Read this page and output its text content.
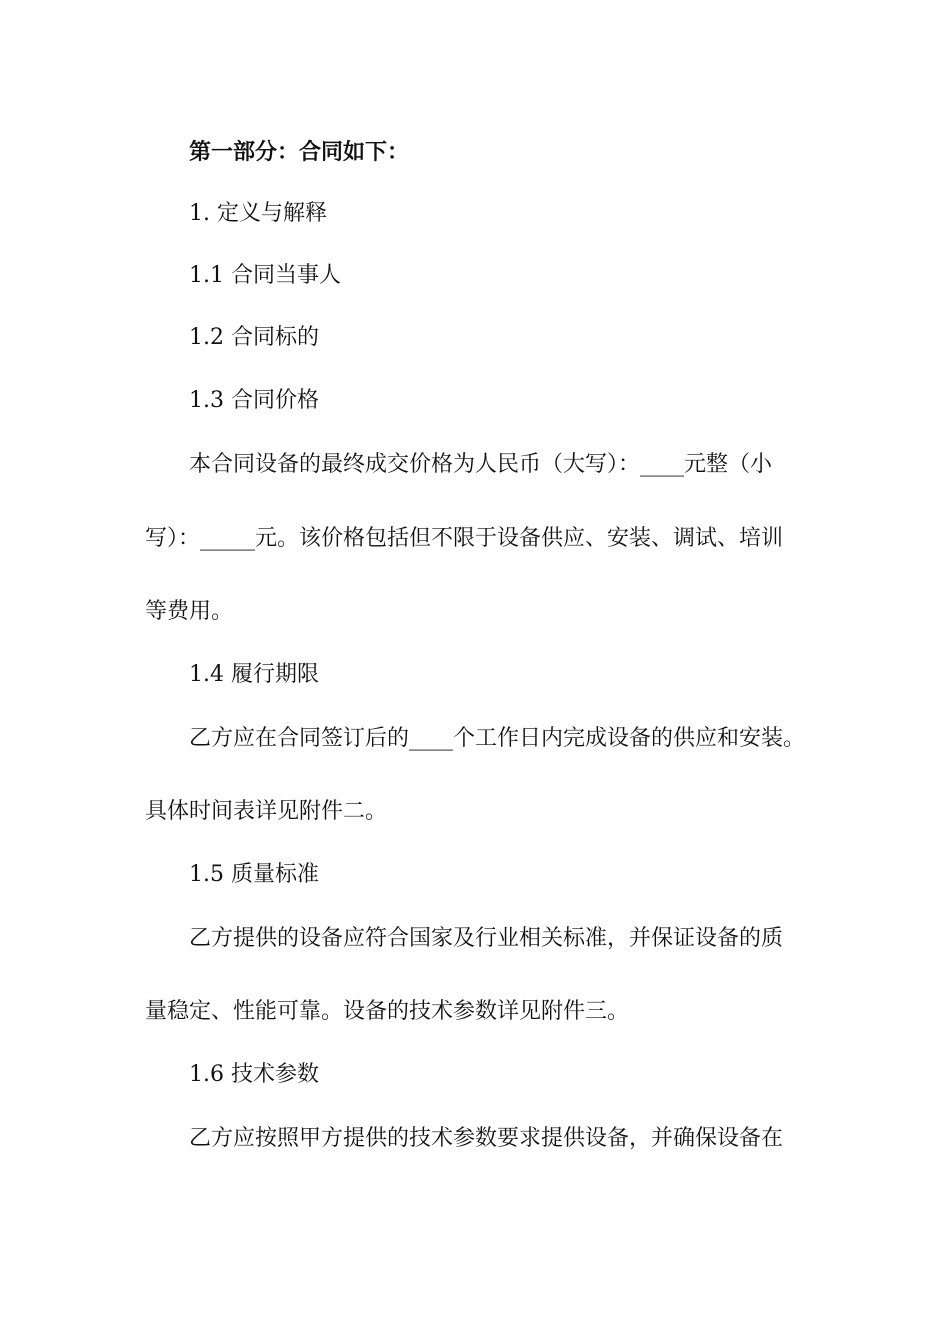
第一部分：合同如下：
1. 定义与解释
1.1 合同当事人
1.2 合同标的
1.3 合同价格
本合同设备的最终成交价格为人民币（大写）：____元整（小
写）：_____元。该价格包括但不限于设备供应、安装、调试、培训
等费用。
1.4 履行期限
乙方应在合同签订后的____个工作日内完成设备的供应和安装。
具体时间表详见附件二。
1.5 质量标准
乙方提供的设备应符合国家及行业相关标准，并保证设备的质
量稳定、性能可靠。设备的技术参数详见附件三。
1.6 技术参数
乙方应按照甲方提供的技术参数要求提供设备，并确保设备在
